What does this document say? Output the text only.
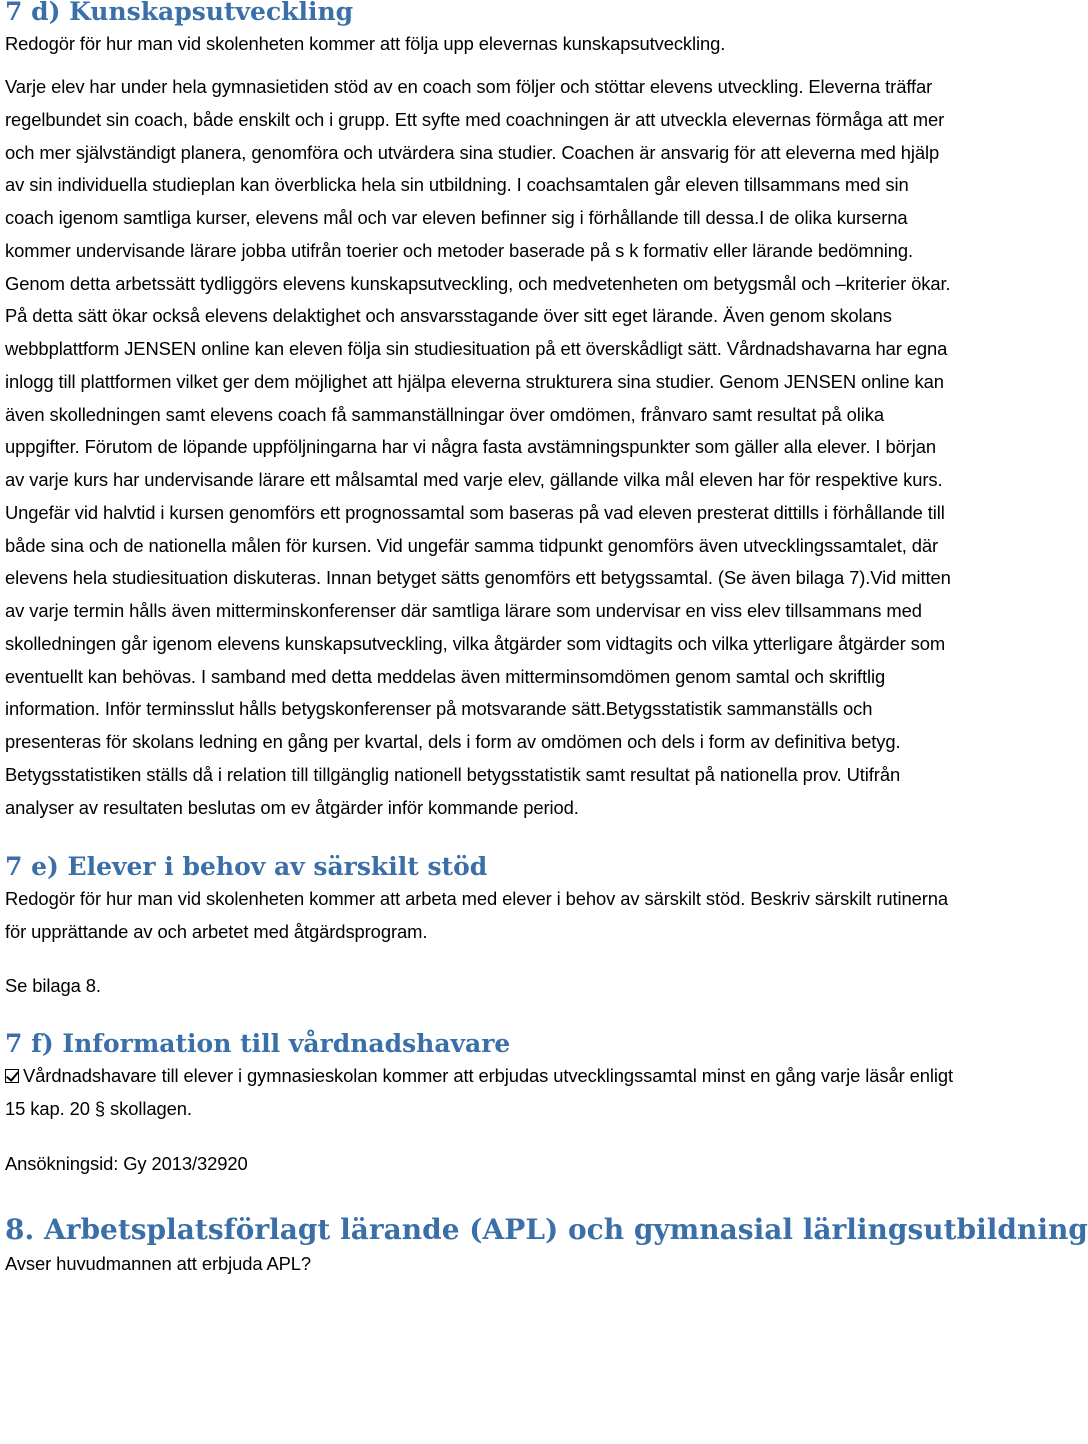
7 d) Kunskapsutveckling

Redogör för hur man vid skolenheten kommer att följa upp elevernas kunskapsutveckling.

Varje elev har under hela gymnasietiden stöd av en coach som följer och stöttar elevens utveckling. Eleverna träffar regelbundet sin coach, både enskilt och i grupp. Ett syfte med coachningen är att utveckla elevernas förmåga att mer och mer självständigt planera, genomföra och utvärdera sina studier. Coachen är ansvarig för att eleverna med hjälp av sin individuella studieplan kan överblicka hela sin utbildning. I coachsamtalen går eleven tillsammans med sin coach igenom samtliga kurser, elevens mål och var eleven befinner sig i förhållande till dessa.I de olika kurserna kommer undervisande lärare jobba utifrån toerier och metoder baserade på s k formativ eller lärande bedömning. Genom detta arbetssätt tydliggörs elevens kunskapsutveckling, och medvetenheten om betygsmål och –kriterier ökar. På detta sätt ökar också elevens delaktighet och ansvarsstagande över sitt eget lärande. Även genom skolans webbplattform JENSEN online kan eleven följa sin studiesituation på ett överskådligt sätt. Vårdnadshavarna har egna inlogg till plattformen vilket ger dem möjlighet att hjälpa eleverna strukturera sina studier. Genom JENSEN online kan även skolledningen samt elevens coach få sammanställningar över omdömen, frånvaro samt resultat på olika uppgifter. Förutom de löpande uppföljningarna har vi några fasta avstämningspunkter som gäller alla elever. I början av varje kurs har undervisande lärare ett målsamtal med varje elev, gällande vilka mål eleven har för respektive kurs. Ungefär vid halvtid i kursen genomförs ett prognossamtal som baseras på vad eleven presterat dittills i förhållande till både sina och de nationella målen för kursen. Vid ungefär samma tidpunkt genomförs även utvecklingssamtalet, där elevens hela studiesituation diskuteras. Innan betyget sätts genomförs ett betygssamtal. (Se även bilaga 7).Vid mitten av varje termin hålls även mitterminskonferenser där samtliga lärare som undervisar en viss elev tillsammans med skolledningen går igenom elevens kunskapsutveckling, vilka åtgärder som vidtagits och vilka ytterligare åtgärder som eventuellt kan behövas. I samband med detta meddelas även mitterminsomdömen genom samtal och skriftlig information. Inför terminsslut hålls betygskonferenser på motsvarande sätt.Betygsstatistik sammanställs och presenteras för skolans ledning en gång per kvartal, dels i form av omdömen och dels i form av definitiva betyg. Betygsstatistiken ställs då i relation till tillgänglig nationell betygsstatistik samt resultat på nationella prov. Utifrån analyser av resultaten beslutas om ev åtgärder inför kommande period.

7 e) Elever i behov av särskilt stöd

Redogör för hur man vid skolenheten kommer att arbeta med elever i behov av särskilt stöd. Beskriv särskilt rutinerna för upprättande av och arbetet med åtgärdsprogram.

Se bilaga 8.

7 f) Information till vårdnadshavare

Vårdnadshavare till elever i gymnasieskolan kommer att erbjudas utvecklingssamtal minst en gång varje läsår enligt 15 kap. 20 § skollagen.

Ansökningsid: Gy 2013/32920

8. Arbetsplatsförlagt lärande (APL) och gymnasial lärlingsutbildning

Avser huvudmannen att erbjuda APL?
